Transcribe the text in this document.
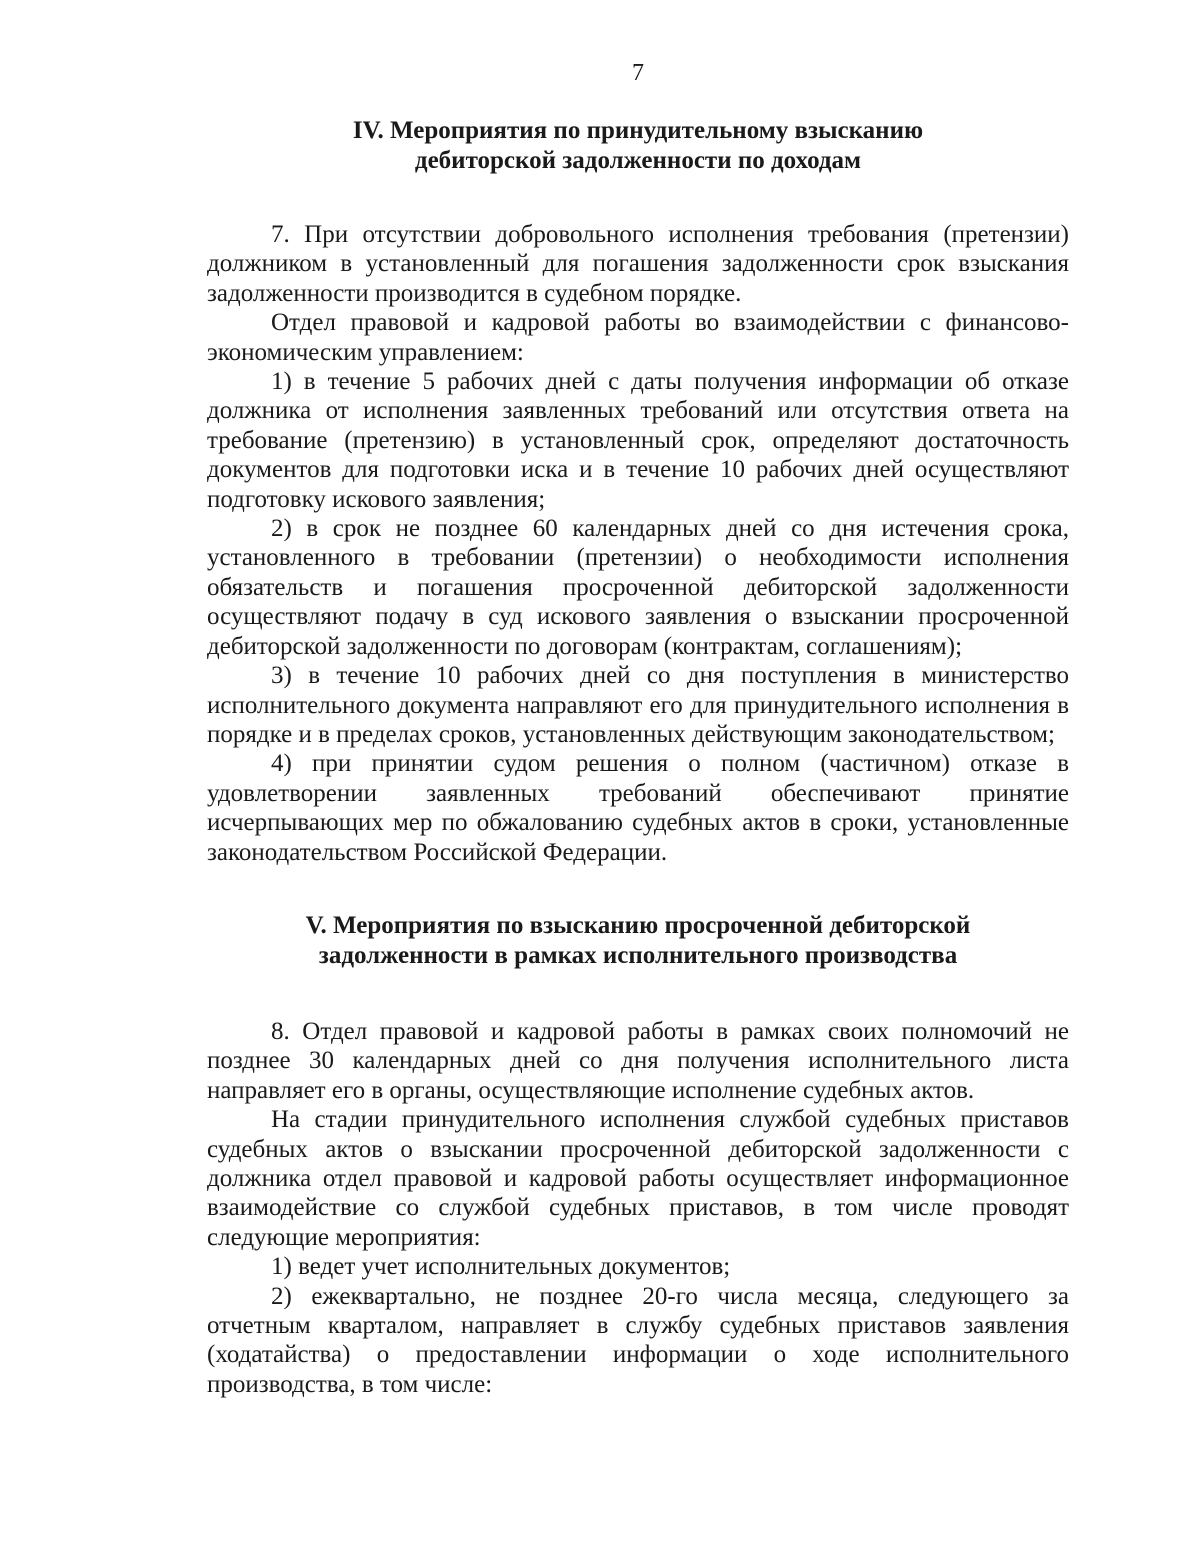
7
IV. Мероприятия по принудительному взысканию
дебиторской задолженности по доходам

7. При отсутствии добровольного исполнения требования (претензии) должником в установленный для погашения задолженности срок взыскания задолженности производится в судебном порядке.

Отдел правовой и кадровой работы во взаимодействии с финансово-экономическим управлением:

1) в течение 5 рабочих дней с даты получения информации об отказе должника от исполнения заявленных требований или отсутствия ответа на требование (претензию) в установленный срок, определяют достаточность документов для подготовки иска и в течение 10 рабочих дней осуществляют подготовку искового заявления;

2) в срок не позднее 60 календарных дней со дня истечения срока, установленного в требовании (претензии) о необходимости исполнения обязательств и погашения просроченной дебиторской задолженности осуществляют подачу в суд искового заявления о взыскании просроченной дебиторской задолженности по договорам (контрактам, соглашениям);

3) в течение 10 рабочих дней со дня поступления в министерство исполнительного документа направляют его для принудительного исполнения в порядке и в пределах сроков, установленных действующим законодательством;

4) при принятии судом решения о полном (частичном) отказе в удовлетворении заявленных требований обеспечивают принятие исчерпывающих мер по обжалованию судебных актов в сроки, установленные законодательством Российской Федерации.

V. Мероприятия по взысканию просроченной дебиторской
задолженности в рамках исполнительного производства

8. Отдел правовой и кадровой работы в рамках своих полномочий не позднее 30 календарных дней со дня получения исполнительного листа направляет его в органы, осуществляющие исполнение судебных актов.

На стадии принудительного исполнения службой судебных приставов судебных актов о взыскании просроченной дебиторской задолженности с должника отдел правовой и кадровой работы осуществляет информационное взаимодействие со службой судебных приставов, в том числе проводят следующие мероприятия:

1) ведет учет исполнительных документов;

2) ежеквартально, не позднее 20-го числа месяца, следующего за отчетным кварталом, направляет в службу судебных приставов заявления (ходатайства) о предоставлении информации о ходе исполнительного производства, в том числе:
